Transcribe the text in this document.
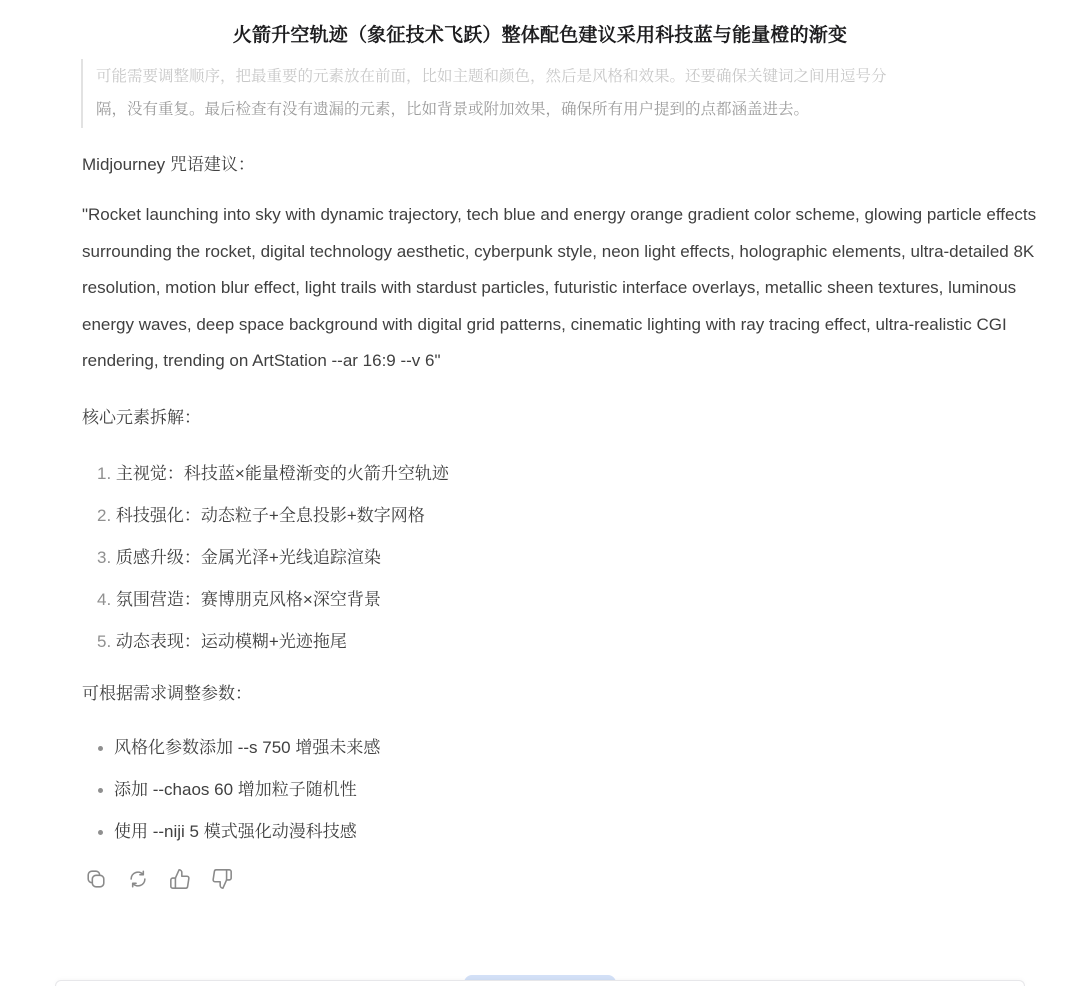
火箭升空轨迹（象征技术飞跃）整体配色建议采用科技蓝与能量橙的渐变
可能需要调整顺序，把最重要的元素放在前面，比如主题和颜色，然后是风格和效果。还要确保关键词之间用逗号分
隔，没有重复。最后检查有没有遗漏的元素，比如背景或附加效果，确保所有用户提到的点都涵盖进去。

Midjourney 咒语建议：

"Rocket launching into sky with dynamic trajectory, tech blue and energy orange gradient color scheme, glowing particle effects surrounding the rocket, digital technology aesthetic, cyberpunk style, neon light effects, holographic elements, ultra-detailed 8K resolution, motion blur effect, light trails with stardust particles, futuristic interface overlays, metallic sheen textures, luminous energy waves, deep space background with digital grid patterns, cinematic lighting with ray tracing effect, ultra-realistic CGI rendering, trending on ArtStation --ar 16:9 --v 6"

核心元素拆解：

主视觉：科技蓝×能量橙渐变的火箭升空轨迹
科技强化：动态粒子+全息投影+数字网格
质感升级：金属光泽+光线追踪渲染
氛围营造：赛博朋克风格×深空背景
动态表现：运动模糊+光迹拖尾

可根据需求调整参数：

风格化参数添加 --s 750 增强未来感
添加 --chaos 60 增加粒子随机性
使用 --niji 5 模式强化动漫科技感
